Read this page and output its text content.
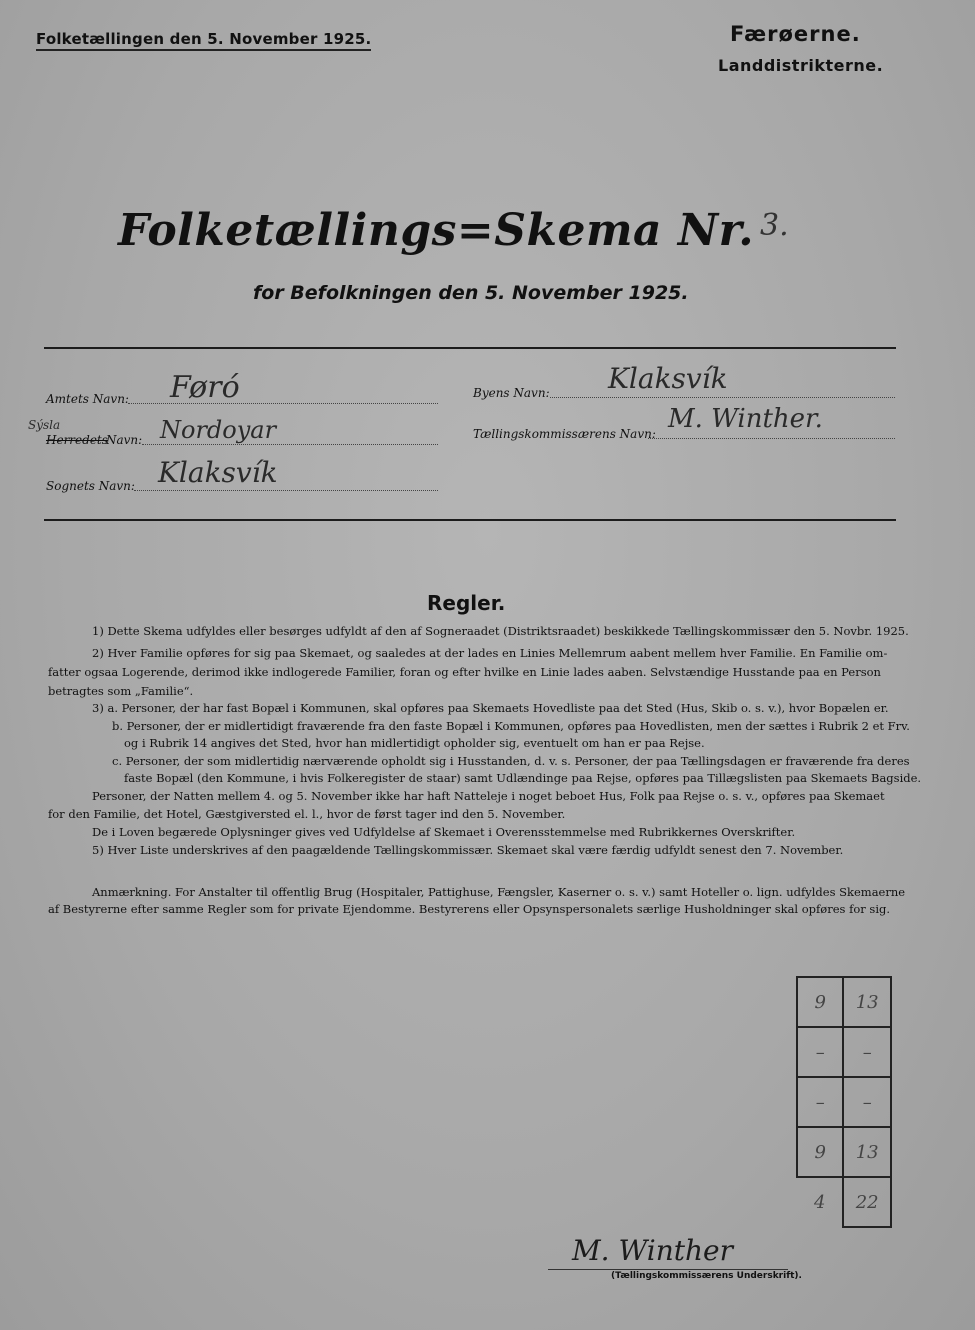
Folketællingen den 5. November 1925.	Færøerne.
Landdistrikterne.
Folketællings=Skema Nr. 3.
for Befolkningen den 5. November 1925.
Amtets Navn: Føró
Sýsla
Herredets
Navn: Nordoyar
Sognets Navn: Klaksvík
Byens Navn: Klaksvík
Tællingskommissærens Navn: M. Winther.
Regler.
1) Dette Skema udfyldes eller besørges udfyldt af den af Sogneraadet (Distriktsraadet) beskikkede Tællingskommissær den 5. Novbr. 1925.
2) Hver Familie opføres for sig paa Skemaet, og saaledes at der lades en Linies Mellemrum aabent mellem hver Familie. En Familie om-
fatter ogsaa Logerende, derimod ikke indlogerede Familier, foran og efter hvilke en Linie lades aaben. Selvstændige Husstande paa en Person
betragtes som „Familie“.
3) a. Personer, der har fast Bopæl i Kommunen, skal opføres paa Skemaets Hovedliste paa det Sted (Hus, Skib o. s. v.), hvor Bopælen er.
b. Personer, der er midlertidigt fraværende fra den faste Bopæl i Kommunen, opføres paa Hovedlisten, men der sættes i Rubrik 2 et Frv.
og i Rubrik 14 angives det Sted, hvor han midlertidigt opholder sig, eventuelt om han er paa Rejse.
c. Personer, der som midlertidig nærværende opholdt sig i Husstanden, d. v. s. Personer, der paa Tællingsdagen er fraværende fra deres
faste Bopæl (den Kommune, i hvis Folkeregister de staar) samt Udlændinge paa Rejse, opføres paa Tillægslisten paa Skemaets Bagside.
Personer, der Natten mellem 4. og 5. November ikke har haft Natteleje i noget beboet Hus, Folk paa Rejse o. s. v., opføres paa Skemaet
for den Familie, det Hotel, Gæstgiversted el. l., hvor de først tager ind den 5. November.
De i Loven begærede Oplysninger gives ved Udfyldelse af Skemaet i Overensstemmelse med Rubrikkernes Overskrifter.
5) Hver Liste underskrives af den paagældende Tællingskommissær. Skemaet skal være færdig udfyldt senest den 7. November.
Anmærkning. For Anstalter til offentlig Brug (Hospitaler, Pattighuse, Fængsler, Kaserner o. s. v.) samt Hoteller o. lign. udfyldes Skemaerne
af Bestyrerne efter samme Regler som for private Ejendomme. Bestyrerens eller Opsynspersonalets særlige Husholdninger skal opføres for sig.
9	13
–	–
–	–
9	13
4	22
M. Winther
(Tællingskommissærens Underskrift).
